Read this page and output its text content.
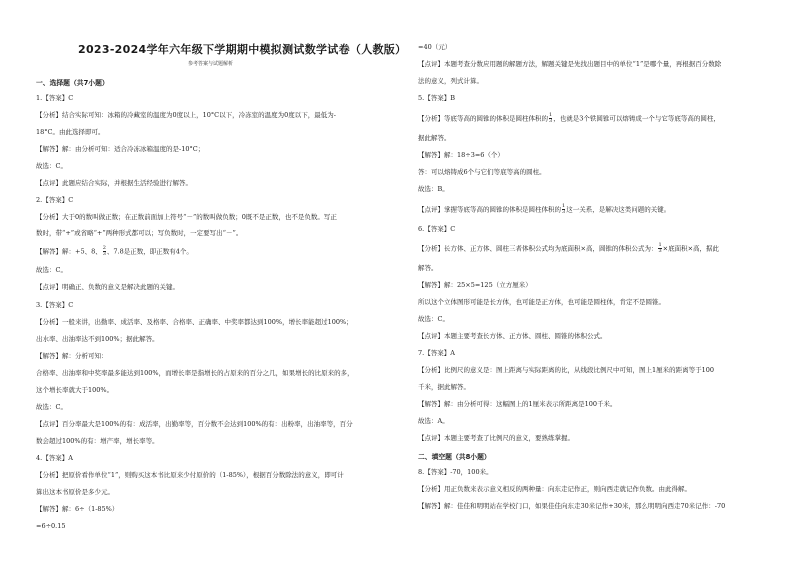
2023-2024学年六年级下学期期中模拟测试数学试卷（人教版）
参考答案与试题解析
一、选择题（共7小题）
1.【答案】C
【分析】结合实际可知：冰箱的冷藏室的温度为0度以上，10°C以下，冷冻室的温度为0度以下，最低为-
18°C。由此选择即可。
【解答】解：由分析可知：适合冷冻冰箱温度的是-10°C；
故选：C。
【点评】此题应结合实际，并根据生活经验进行解答。
2.【答案】C
【分析】大于0的数叫做正数；在正数前面加上符号“－”的数叫做负数；0既不是正数，也不是负数。写正
数时，带“+”或省略“+”两种形式都可以；写负数时，一定要写出“－”。
【解答】解：+5、8、 $\frac{2}{3}$ 、7.8是正数，即正数有4个。
故选：C。
【点评】明确正、负数的意义是解决此题的关键。
3.【答案】C
【分析】一般来讲，出勤率、成活率、及格率、合格率、正确率、中奖率都达到100%，增长率能超过100%；
出水率、出油率达不到100%；据此解答。
【解答】解：分析可知：
合格率、出油率和中奖率最多能达到100%，而增长率是指增长的占原来的百分之几，如果增长的比原来的多，
这个增长率就大于100%。
故选：C。
【点评】百分率最大是100%的有：成活率，出勤率等，百分数不会达到100%的有：出粉率，出油率等，百分
数会超过100%的有：增产率，增长率等。
4.【答案】A
【分析】把原价看作单位“1”，则购买这本书比原来少付原价的（1-85%），根据百分数除法的意义，即可计
算出这本书原价是多少元。
【解答】解：6÷（1-85%）
=6÷0.15
=40（元）
【点评】本题考查分数应用题的解题方法，解题关键是先找出题目中的单位“1”是哪个量，再根据百分数除
法的意义，列式计算。
5.【答案】B
【分析】等底等高的圆锥的体积是圆柱体积的 $\frac{1}{3}$ ，也就是3个铁圆锥可以熔铸成一个与它等底等高的圆柱，
据此解答。
【解答】解：18÷3=6（个）
答：可以熔铸成6个与它们等底等高的圆柱。
故选：B。
【点评】掌握等底等高的圆锥的体积是圆柱体积的 $\frac{1}{3}$ 这一关系，是解决这类问题的关键。
6.【答案】C
【分析】长方体、正方体、圆柱三者体积公式均为底面积×高，圆锥的体积公式为： $\frac{1}{3}$ ×底面积×高，据此
解答。
【解答】解：25×5=125（立方厘米）
所以这个立体图形可能是长方体，也可能是正方体，也可能是圆柱体，肯定不是圆锥。
故选：C。
【点评】本题主要考查长方体、正方体、圆柱、圆锥的体积公式。
7.【答案】A
【分析】比例尺的意义是：图上距离与实际距离的比，从线段比例尺中可知，图上1厘米的距离等于100
千米，据此解答。
【解答】解：由分析可得：这幅图上的1厘米表示所距离是100千米。
故选：A。
【点评】本题主要考查了比例尺的意义，要熟练掌握。
二、填空题（共8小题）
8.【答案】-70，100米。
【分析】用正负数来表示意义相反的两种量：向东走记作正，则向西走就记作负数。由此得解。
【解答】解：佳佳和明明站在学校门口，如果佳佳向东走30米记作+30米，那么明明向西走70米记作：-70
